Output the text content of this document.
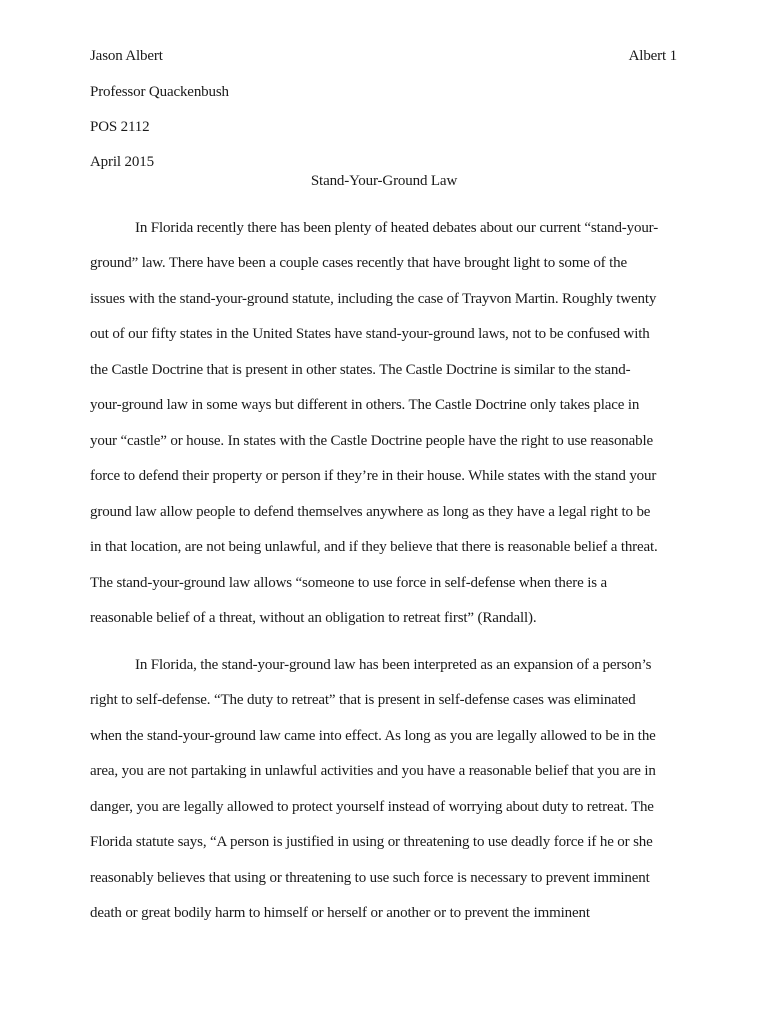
Jason Albert	Albert 1
Professor Quackenbush
POS 2112
April 2015
Stand-Your-Ground Law
In Florida recently there has been plenty of heated debates about our current “stand-your-
ground” law. There have been a couple cases recently that have brought light to some of the
issues with the stand-your-ground statute, including the case of Trayvon Martin. Roughly twenty
out of our fifty states in the United States have stand-your-ground laws, not to be confused with
the Castle Doctrine that is present in other states. The Castle Doctrine is similar to the stand-
your-ground law in some ways but different in others. The Castle Doctrine only takes place in
your “castle” or house. In states with the Castle Doctrine people have the right to use reasonable
force to defend their property or person if they’re in their house. While states with the stand your
ground law allow people to defend themselves anywhere as long as they have a legal right to be
in that location, are not being unlawful, and if they believe that there is reasonable belief a threat.
The stand-your-ground law allows “someone to use force in self-defense when there is a
reasonable belief of a threat, without an obligation to retreat first” (Randall).
In Florida, the stand-your-ground law has been interpreted as an expansion of a person’s
right to self-defense. “The duty to retreat” that is present in self-defense cases was eliminated
when the stand-your-ground law came into effect. As long as you are legally allowed to be in the
area, you are not partaking in unlawful activities and you have a reasonable belief that you are in
danger, you are legally allowed to protect yourself instead of worrying about duty to retreat. The
Florida statute says, “A person is justified in using or threatening to use deadly force if he or she
reasonably believes that using or threatening to use such force is necessary to prevent imminent
death or great bodily harm to himself or herself or another or to prevent the imminent
